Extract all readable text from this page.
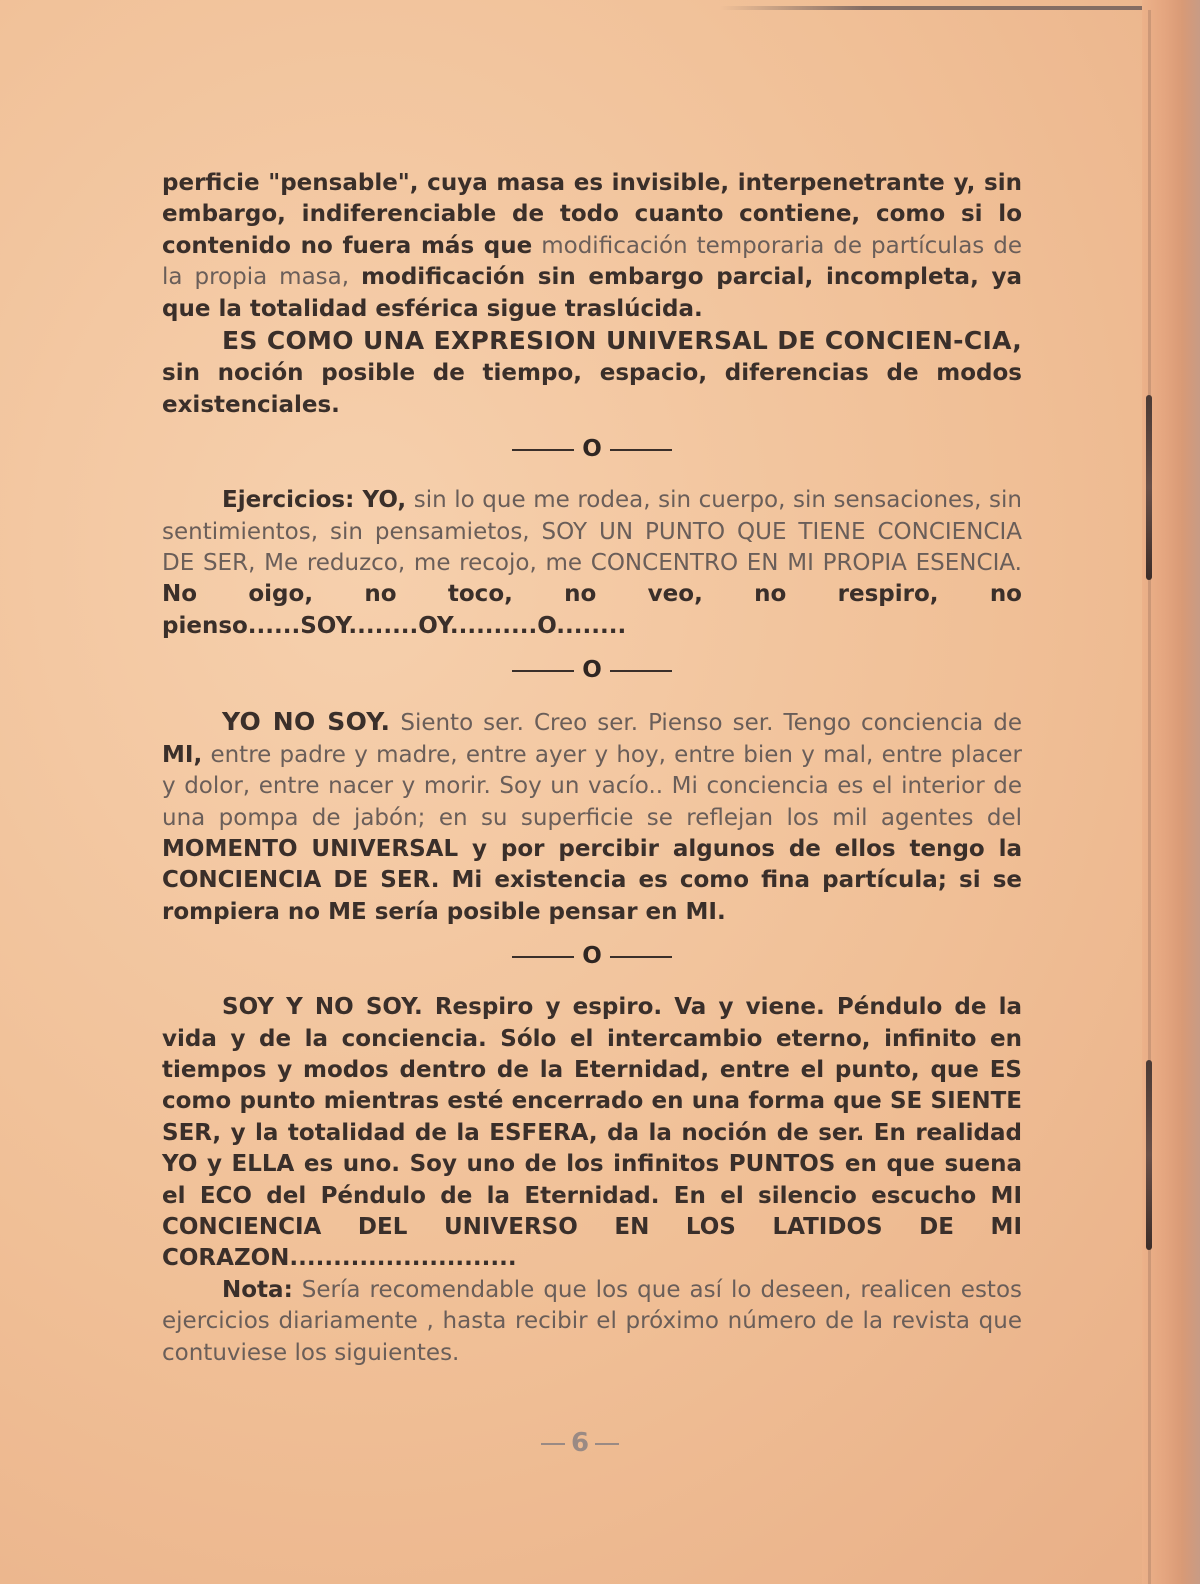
perficie "pensable", cuya masa es invisible, interpenetrante y, sin embargo, indiferenciable de todo cuanto contiene, como si lo contenido no fuera más que modificación temporaria de partículas de la propia masa, modificación sin embargo parcial, incompleta, ya que la totalidad esférica sigue traslúcida.

ES COMO UNA EXPRESION UNIVERSAL DE CONCIEN-CIA, sin noción posible de tiempo, espacio, diferencias de modos existenciales.

O

Ejercicios: YO, sin lo que me rodea, sin cuerpo, sin sensaciones, sin sentimientos, sin pensamietos, SOY UN PUNTO QUE TIENE CONCIENCIA DE SER, Me reduzco, me recojo, me CONCENTRO EN MI PROPIA ESENCIA. No oigo, no toco, no veo, no respiro, no pienso......SOY........OY..........O........

O

YO NO SOY. Siento ser. Creo ser. Pienso ser. Tengo conciencia de MI, entre padre y madre, entre ayer y hoy, entre bien y mal, entre placer y dolor, entre nacer y morir. Soy un vacío.. Mi conciencia es el interior de una pompa de jabón; en su superficie se reflejan los mil agentes del MOMENTO UNIVERSAL y por percibir algunos de ellos tengo la CONCIENCIA DE SER. Mi existencia es como fina partícula; si se rompiera no ME sería posible pensar en MI.

O

SOY Y NO SOY. Respiro y espiro. Va y viene. Péndulo de la vida y de la conciencia. Sólo el intercambio eterno, infinito en tiempos y modos dentro de la Eternidad, entre el punto, que ES como punto mientras esté encerrado en una forma que SE SIENTE SER, y la totalidad de la ESFERA, da la noción de ser. En realidad YO y ELLA es uno. Soy uno de los infinitos PUNTOS en que suena el ECO del Péndulo de la Eternidad. En el silencio escucho MI CONCIENCIA DEL UNIVERSO EN LOS LATIDOS DE MI CORAZON..........................

Nota: Sería recomendable que los que así lo deseen, realicen estos ejercicios diariamente , hasta recibir el próximo número de la revista que contuviese los siguientes.

6
